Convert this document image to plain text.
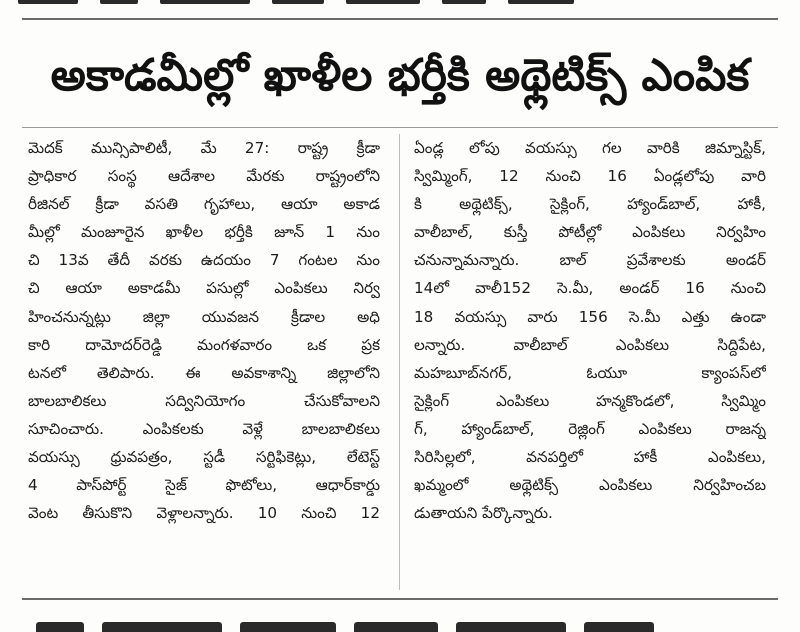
అకాడమీల్లో ఖాళీల భర్తీకి అథ్లెటిక్స్ ఎంపిక
మెదక్ మున్సిపాలిటీ, మే 27: రాష్ట్ర క్రీడా
ప్రాధికార సంస్థ ఆదేశాల మేరకు రాష్ట్రంలోని
రీజినల్ క్రీడా వసతి గృహాలు, ఆయా అకాడ
మీల్లో మంజూరైన ఖాళీల భర్తీకి జూన్ 1 నుం
చి 13వ తేదీ వరకు ఉదయం 7 గంటల నుం
చి ఆయా అకాడమీ పసుల్లో ఎంపికలు నిర్వ
హించనున్నట్లు జిల్లా యువజన క్రీడాల అధి
కారి దామోదర్‌రెడ్డి మంగళవారం ఒక ప్రక
టనలో తెలిపారు. ఈ అవకాశాన్ని జిల్లాలోని
బాలబాలికలు సద్వినియోగం చేసుకోవాలని
సూచించారు. ఎంపికలకు వెళ్లే బాలబాలికలు
వయస్సు ధ్రువపత్రం, స్టడీ సర్టిఫికెట్లు, లేటెస్ట్
4 పాస్‌పోర్ట్ సైజ్ ఫొటోలు, ఆధార్‌కార్డు
వెంట తీసుకొని వెళ్లాలన్నారు. 10 నుంచి 12
ఏండ్ల లోపు వయస్సు గల వారికి జిమ్నాస్టిక్,
స్విమ్మింగ్, 12 నుంచి 16 ఏండ్లలోపు వారి
కి అథ్లెటిక్స్, సైక్లింగ్, హ్యాండ్‌బాల్, హాకీ,
వాలీబాల్, కుస్తీ పోటీల్లో ఎంపికలు నిర్వహిం
చనున్నామన్నారు. బాల్ ప్రవేశాలకు అండర్
14లో వాలీ152 సె.మీ, అండర్ 16 నుంచి
18 వయస్సు వారు 156 సె.మీ ఎత్తు ఉండా
లన్నారు. వాలీబాల్ ఎంపికలు సిద్దిపేట,
మహబూబ్‌నగర్, ఓయూ క్యాంపస్‌లో
సైక్లింగ్ ఎంపికలు హన్మకొండలో, స్విమ్మిం
గ్, హ్యాండ్‌బాల్, రెజ్లింగ్ ఎంపికలు రాజన్న
సిరిసిల్లలో, వనపర్తిలో హాకీ ఎంపికలు,
ఖమ్మంలో అథ్లెటిక్స్ ఎంపికలు నిర్వహించబ
డుతాయని పేర్కొన్నారు.
